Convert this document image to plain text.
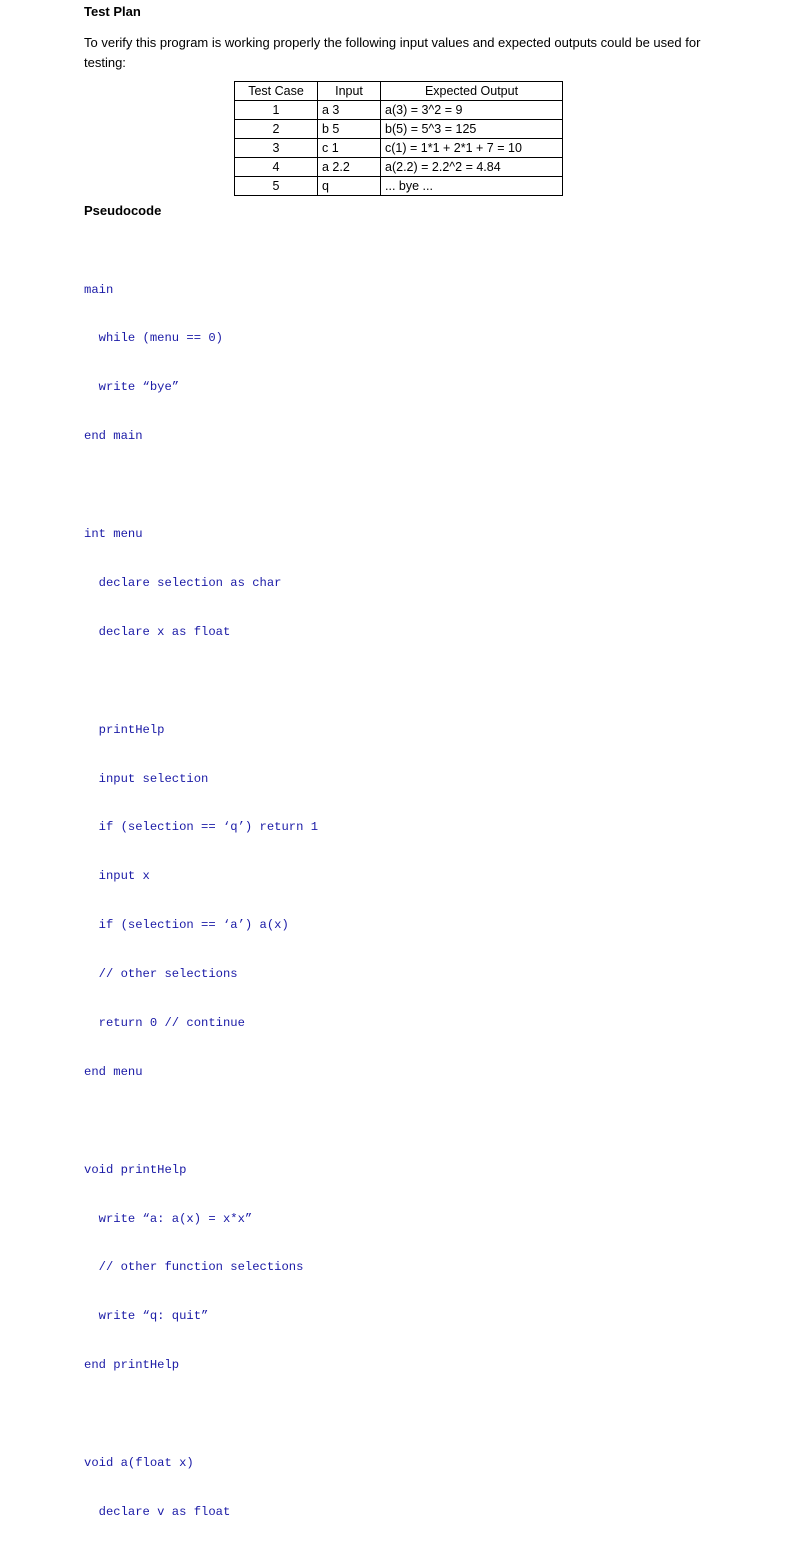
Test Plan
To verify this program is working properly the following input values and expected outputs could be used for testing:
Test Case	Input	Expected Output
1	a 3	a(3) = 3^2 = 9
2	b 5	b(5) = 5^3 = 125
3	c 1	c(1) = 1*1 + 2*1 + 7 = 10
4	a 2.2	a(2.2) = 2.2^2 = 4.84
5	q	... bye ...
Pseudocode

main

while (menu == 0)

write “bye”

end main

int menu

declare selection as char

declare x as float

printHelp

input selection

if (selection == ‘q’) return 1

input x

if (selection == ‘a’) a(x)

// other selections

return 0 // continue

end menu

void printHelp

write “a: a(x) = x*x”

// other function selections

write “q: quit”

end printHelp

void a(float x)

declare v as float
